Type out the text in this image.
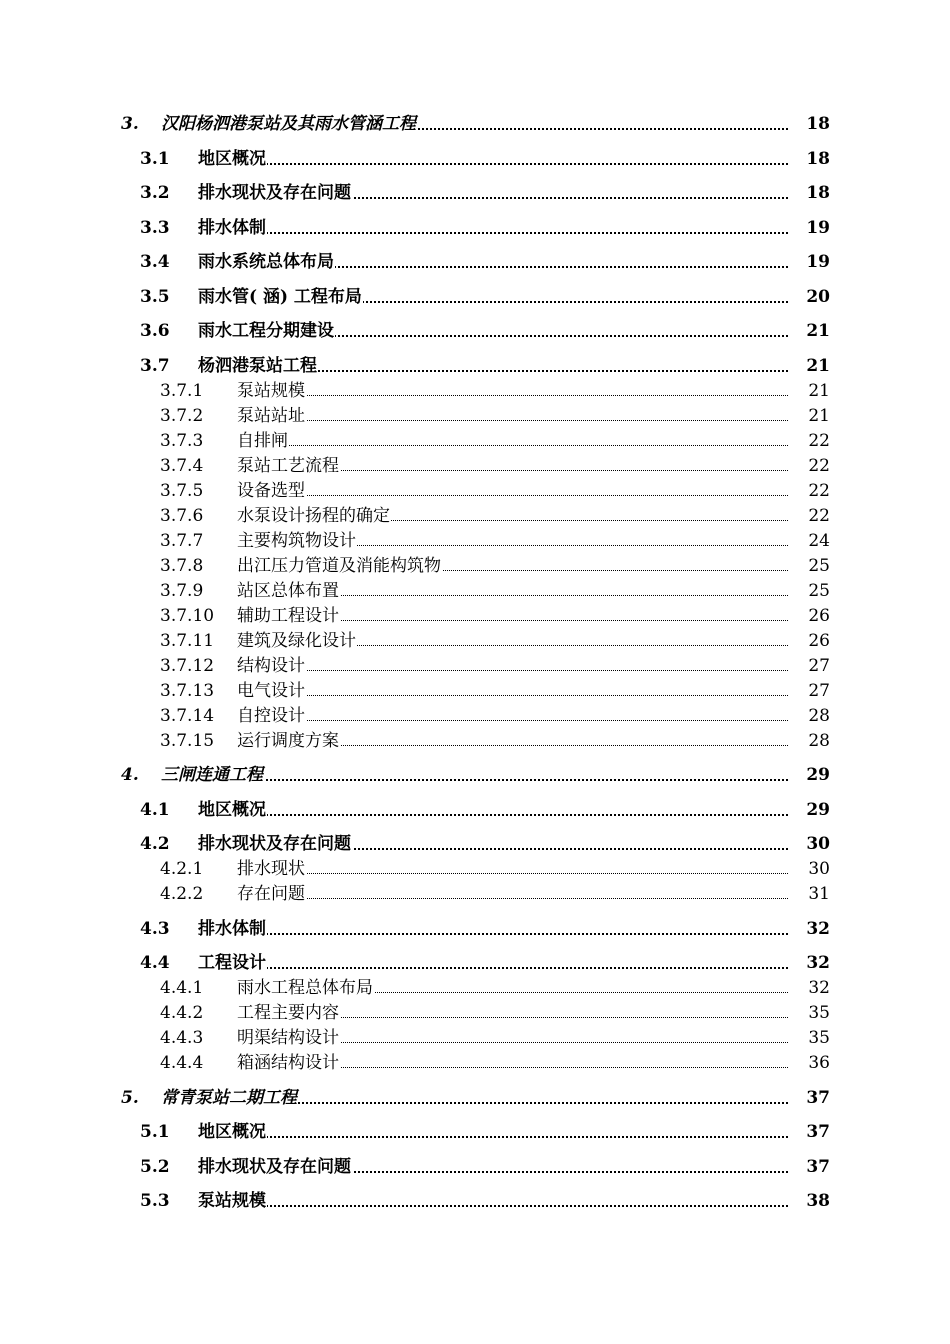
3. 汉阳杨泗港泵站及其雨水管涵工程	18
3.1 地区概况	18
3.2 排水现状及存在问题	18
3.3 排水体制	19
3.4 雨水系统总体布局	19
3.5 雨水管( 涵) 工程布局	20
3.6 雨水工程分期建设	21
3.7 杨泗港泵站工程	21
3.7.1 泵站规模	21
3.7.2 泵站站址	21
3.7.3 自排闸	22
3.7.4 泵站工艺流程	22
3.7.5 设备选型	22
3.7.6 水泵设计扬程的确定	22
3.7.7 主要构筑物设计	24
3.7.8 出江压力管道及消能构筑物	25
3.7.9 站区总体布置	25
3.7.10 辅助工程设计	26
3.7.11 建筑及绿化设计	26
3.7.12 结构设计	27
3.7.13 电气设计	27
3.7.14 自控设计	28
3.7.15 运行调度方案	28
4. 三闸连通工程	29
4.1 地区概况	29
4.2 排水现状及存在问题	30
4.2.1 排水现状	30
4.2.2 存在问题	31
4.3 排水体制	32
4.4 工程设计	32
4.4.1 雨水工程总体布局	32
4.4.2 工程主要内容	35
4.4.3 明渠结构设计	35
4.4.4 箱涵结构设计	36
5. 常青泵站二期工程	37
5.1 地区概况	37
5.2 排水现状及存在问题	37
5.3 泵站规模	38
